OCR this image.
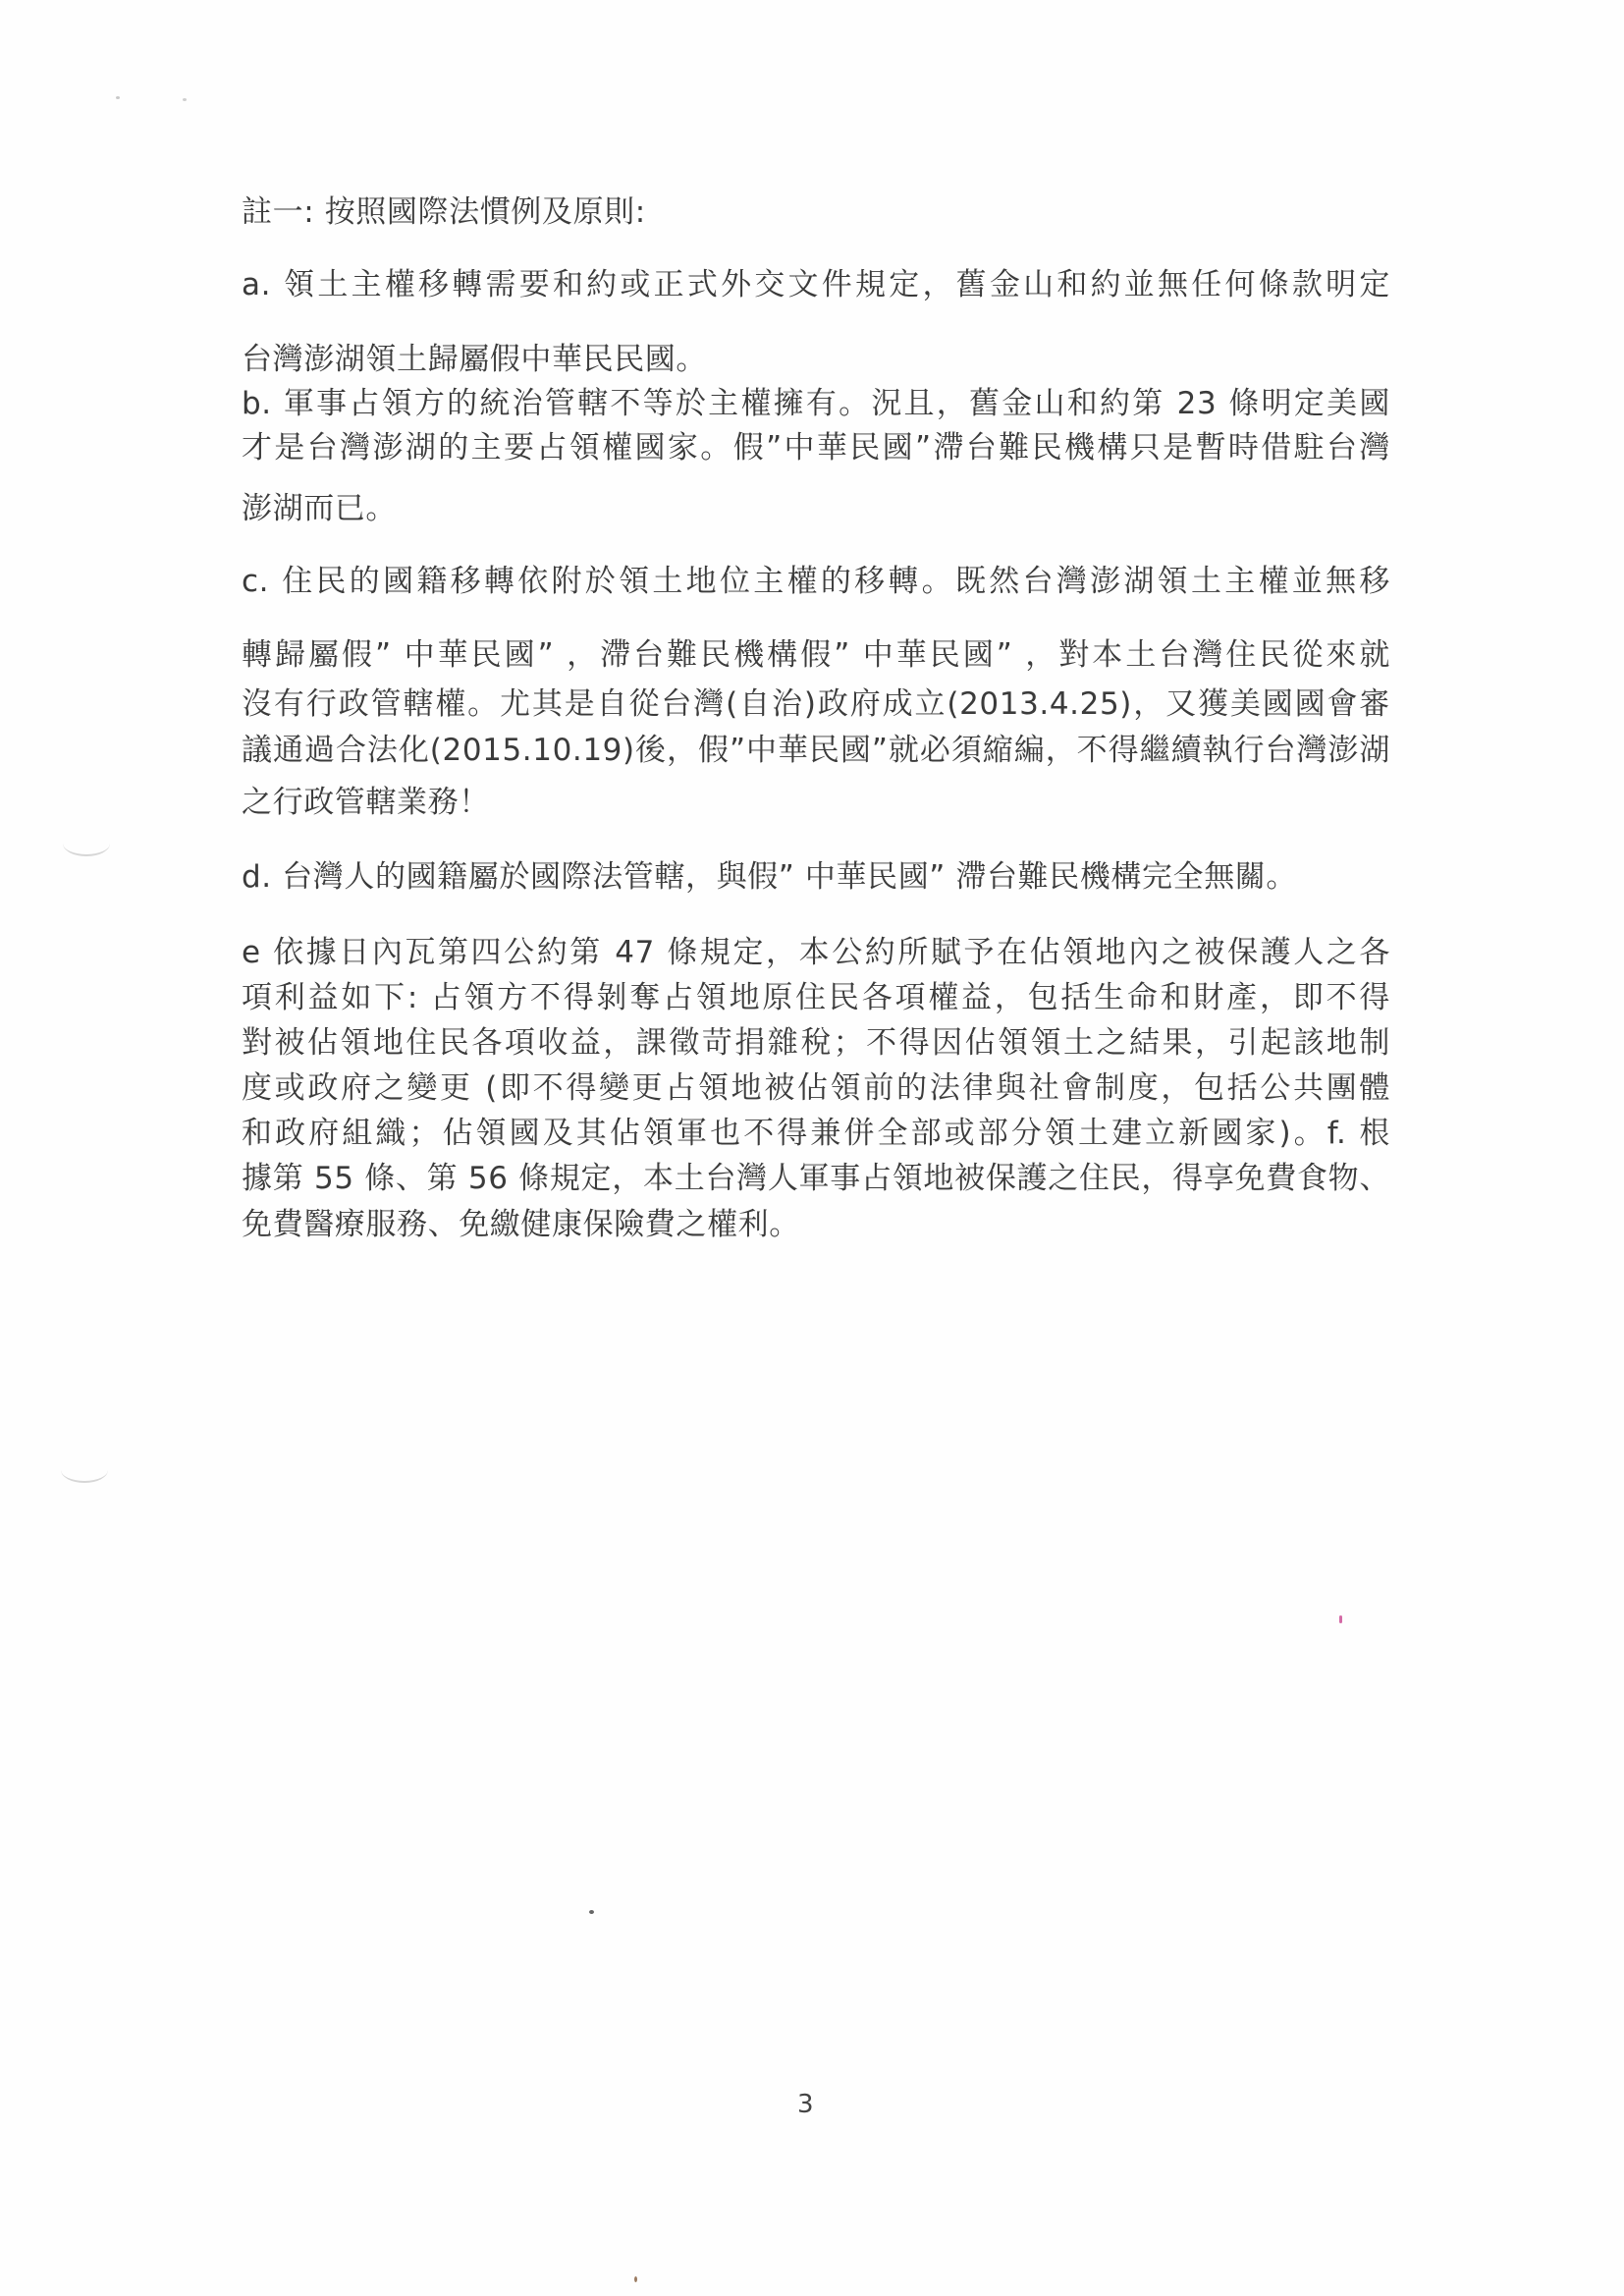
註一: 按照國際法慣例及原則:
a. 領土主權移轉需要和約或正式外交文件規定，舊金山和約並無任何條款明定
台灣澎湖領土歸屬假中華民民國。
b. 軍事占領方的統治管轄不等於主權擁有。況且，舊金山和約第 23 條明定美國
才是台灣澎湖的主要占領權國家。假”中華民國”滯台難民機構只是暫時借駐台灣
澎湖而已。
c. 住民的國籍移轉依附於領土地位主權的移轉。既然台灣澎湖領土主權並無移
轉歸屬假” 中華民國” ，滯台難民機構假” 中華民國” ，對本土台灣住民從來就
沒有行政管轄權。尤其是自從台灣(自治)政府成立(2013.4.25)，又獲美國國會審
議通過合法化(2015.10.19)後，假”中華民國”就必須縮編，不得繼續執行台灣澎湖
之行政管轄業務！
d. 台灣人的國籍屬於國際法管轄，與假” 中華民國” 滯台難民機構完全無關。
e 依據日內瓦第四公約第 47 條規定，本公約所賦予在佔領地內之被保護人之各
項利益如下: 占領方不得剝奪占領地原住民各項權益，包括生命和財產，即不得
對被佔領地住民各項收益，課徵苛捐雜稅；不得因佔領領土之結果，引起該地制
度或政府之變更 (即不得變更占領地被佔領前的法律與社會制度，包括公共團體
和政府組織；佔領國及其佔領軍也不得兼併全部或部分領土建立新國家)。f. 根
據第 55 條、第 56 條規定，本土台灣人軍事占領地被保護之住民，得享免費食物、
免費醫療服務、免繳健康保險費之權利。
3
